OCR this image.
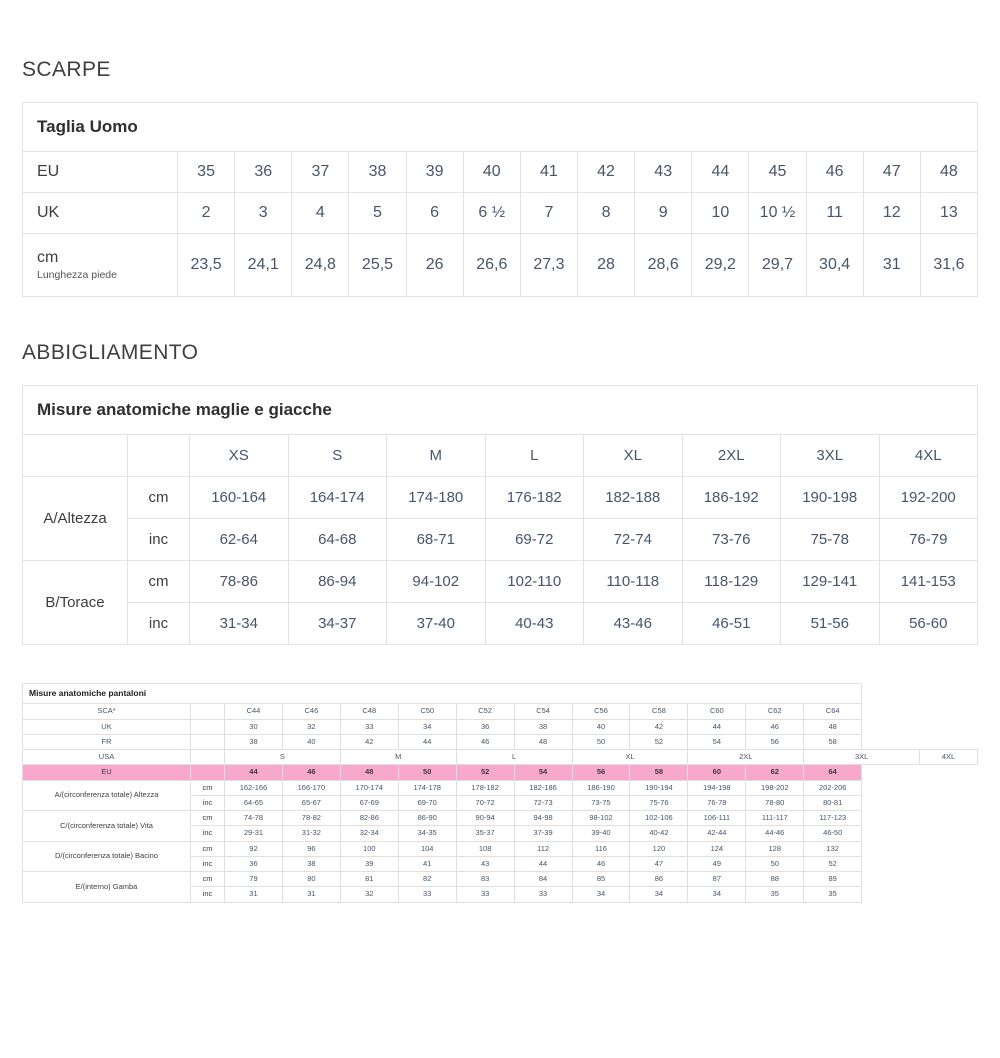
SCARPE
Taglia Uomo														
EU	35	36	37	38	39	40	41	42	43	44	45	46	47	48
UK	2	3	4	5	6	6 ½	7	8	9	10	10 ½	11	12	13
cm
Lunghezza piede	23,5	24,1	24,8	25,5	26	26,6	27,3	28	28,6	29,2	29,7	30,4	31	31,6
ABBIGLIAMENTO
Misure anatomiche maglie e giacche									
		XS	S	M	L	XL	2XL	3XL	4XL
A/Altezza	cm	160-164	164-174	174-180	176-182	182-188	186-192	190-198	192-200
	inc	62-64	64-68	68-71	69-72	72-74	73-76	75-78	76-79
B/Torace	cm	78-86	86-94	94-102	102-110	110-118	118-129	129-141	141-153
	inc	31-34	34-37	37-40	40-43	43-46	46-51	51-56	56-60
Misure anatomiche pantaloni													
SCA*		C44	C46	C48	C50	C52	C54	C56	C58	C60	C62	C64	
UK		30	32	33	34	36	38	40	42	44	46	48	
FR		38	40	42	44	46	48	50	52	54	56	58	
USA		S		M		L		XL		2XL		3XL	4XL
EU		44	46	48	50	52	54	56	58	60	62	64	
A/(circonferenza totale) Altezza	cm	162-166	166-170	170-174	174-178	178-182	182-186	186-190	190-194	194-198	198-202	202-206	
	inc	64-65	65-67	67-69	69-70	70-72	72-73	73-75	75-76	76-78	78-80	80-81	
C/(circonferenza totale) Vita	cm	74-78	78-82	82-86	86-90	90-94	94-98	98-102	102-106	106-111	111-117	117-123	
	inc	29-31	31-32	32-34	34-35	35-37	37-39	39-40	40-42	42-44	44-46	46-50	
D/(circonferenza totale) Bacino	cm	92	96	100	104	108	112	116	120	124	128	132	
	inc	36	38	39	41	43	44	46	47	49	50	52	
E/(interno) Gamba	cm	79	80	81	82	83	84	85	86	87	88	89	
	inc	31	31	32	33	33	33	34	34	34	35	35	
